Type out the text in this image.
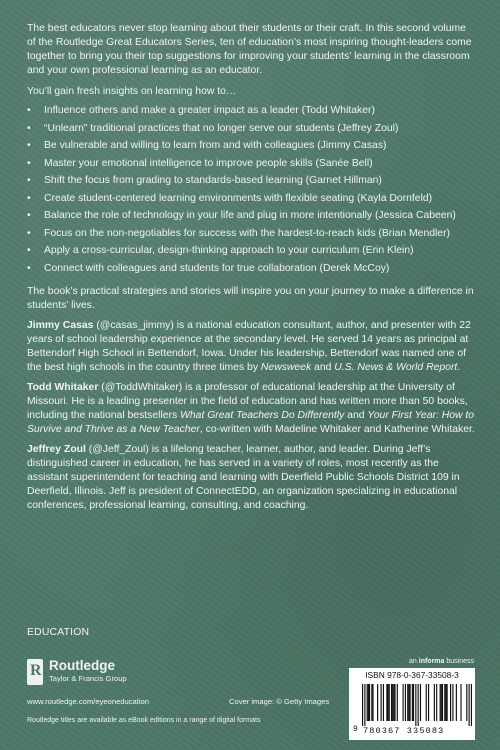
The best educators never stop learning about their students or their craft. In this second volume of the Routledge Great Educators Series, ten of education’s most inspiring thought-leaders come together to bring you their top suggestions for improving your students’ learning in the classroom and your own professional learning as an educator.

You’ll gain fresh insights on learning how to…

•	Influence others and make a greater impact as a leader (Todd Whitaker)
•	“Unlearn” traditional practices that no longer serve our students (Jeffrey Zoul)
•	Be vulnerable and willing to learn from and with colleagues (Jimmy Casas)
•	Master your emotional intelligence to improve people skills (Sanée Bell)
•	Shift the focus from grading to standards-based learning (Garnet Hillman)
•	Create student-centered learning environments with flexible seating (Kayla Dornfeld)
•	Balance the role of technology in your life and plug in more intentionally (Jessica Cabeen)
•	Focus on the non-negotiables for success with the hardest-to-reach kids (Brian Mendler)
•	Apply a cross-curricular, design-thinking approach to your curriculum (Erin Klein)
•	Connect with colleagues and students for true collaboration (Derek McCoy)

The book’s practical strategies and stories will inspire you on your journey to make a difference in students’ lives.

Jimmy Casas (@casas_jimmy) is a national education consultant, author, and presenter with 22 years of school leadership experience at the secondary level. He served 14 years as principal at Bettendorf High School in Bettendorf, Iowa. Under his leadership, Bettendorf was named one of the best high schools in the country three times by Newsweek and U.S. News & World Report.

Todd Whitaker (@ToddWhitaker) is a professor of educational leadership at the University of Missouri. He is a leading presenter in the field of education and has written more than 50 books, including the national bestsellers What Great Teachers Do Differently and Your First Year: How to Survive and Thrive as a New Teacher, co-written with Madeline Whitaker and Katherine Whitaker.

Jeffrey Zoul (@Jeff_Zoul) is a lifelong teacher, learner, author, and leader. During Jeff’s distinguished career in education, he has served in a variety of roles, most recently as the assistant superintendent for teaching and learning with Deerfield Public Schools District 109 in Deerfield, Illinois. Jeff is president of ConnectEDD, an organization specializing in educational conferences, professional learning, consulting, and coaching.

EDUCATION
R Routledge
Taylor & Francis Group
www.routledge.com/eyeoneducation
Routledge titles are available as eBook editions in a range of digital formats
Cover image: © Getty Images
an informa business
ISBN 978-0-367-33508-3
9 780367 335083
